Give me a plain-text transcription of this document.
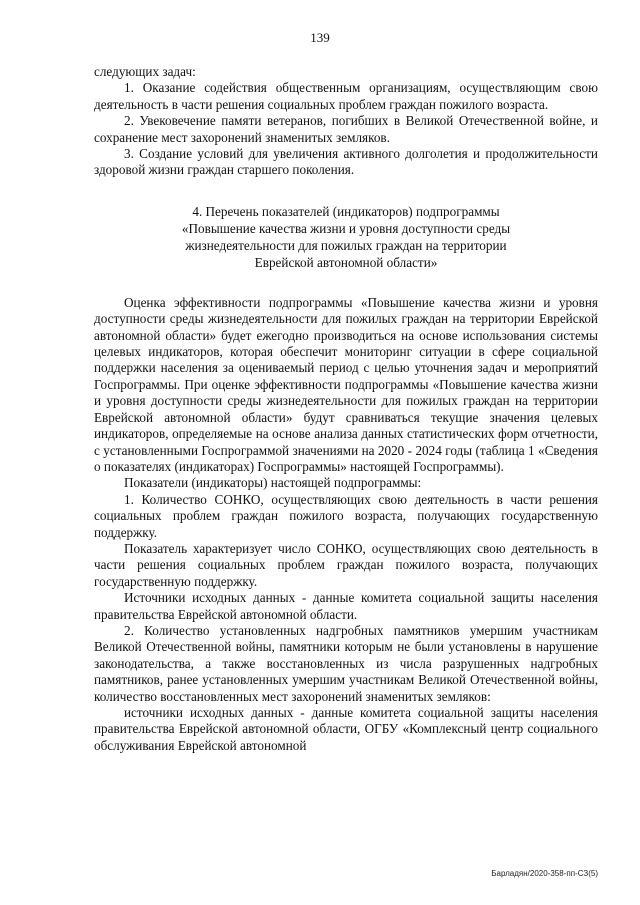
139

следующих задач:

1. Оказание содействия общественным организациям, осуществляющим свою деятельность в части решения социальных проблем граждан пожилого возраста.

2. Увековечение памяти ветеранов, погибших в Великой Отечественной войне, и сохранение мест захоронений знаменитых земляков.

3. Создание условий для увеличения активного долголетия и продолжительности здоровой жизни граждан старшего поколения.

4. Перечень показателей (индикаторов) подпрограммы
«Повышение качества жизни и уровня доступности среды
жизнедеятельности для пожилых граждан на территории
Еврейской автономной области»

Оценка эффективности подпрограммы «Повышение качества жизни и уровня доступности среды жизнедеятельности для пожилых граждан на территории Еврейской автономной области» будет ежегодно производиться на основе использования системы целевых индикаторов, которая обеспечит мониторинг ситуации в сфере социальной поддержки населения за оцениваемый период с целью уточнения задач и мероприятий Госпрограммы. При оценке эффективности подпрограммы «Повышение качества жизни и уровня доступности среды жизнедеятельности для пожилых граждан на территории Еврейской автономной области» будут сравниваться текущие значения целевых индикаторов, определяемые на основе анализа данных статистических форм отчетности, с установленными Госпрограммой значениями на 2020 - 2024 годы (таблица 1 «Сведения о показателях (индикаторах) Госпрограммы» настоящей Госпрограммы).

Показатели (индикаторы) настоящей подпрограммы:

1. Количество СОНКО, осуществляющих свою деятельность в части решения социальных проблем граждан пожилого возраста, получающих государственную поддержку.

Показатель характеризует число СОНКО, осуществляющих свою деятельность в части решения социальных проблем граждан пожилого возраста, получающих государственную поддержку.

Источники исходных данных - данные комитета социальной защиты населения правительства Еврейской автономной области.

2. Количество установленных надгробных памятников умершим участникам Великой Отечественной войны, памятники которым не были установлены в нарушение законодательства, а также восстановленных из числа разрушенных надгробных памятников, ранее установленных умершим участникам Великой Отечественной войны, количество восстановленных мест захоронений знаменитых земляков:

источники исходных данных - данные комитета социальной защиты населения правительства Еврейской автономной области, ОГБУ «Комплексный центр социального обслуживания Еврейской автономной

Барладян/2020-358-пп-СЗ(5)
